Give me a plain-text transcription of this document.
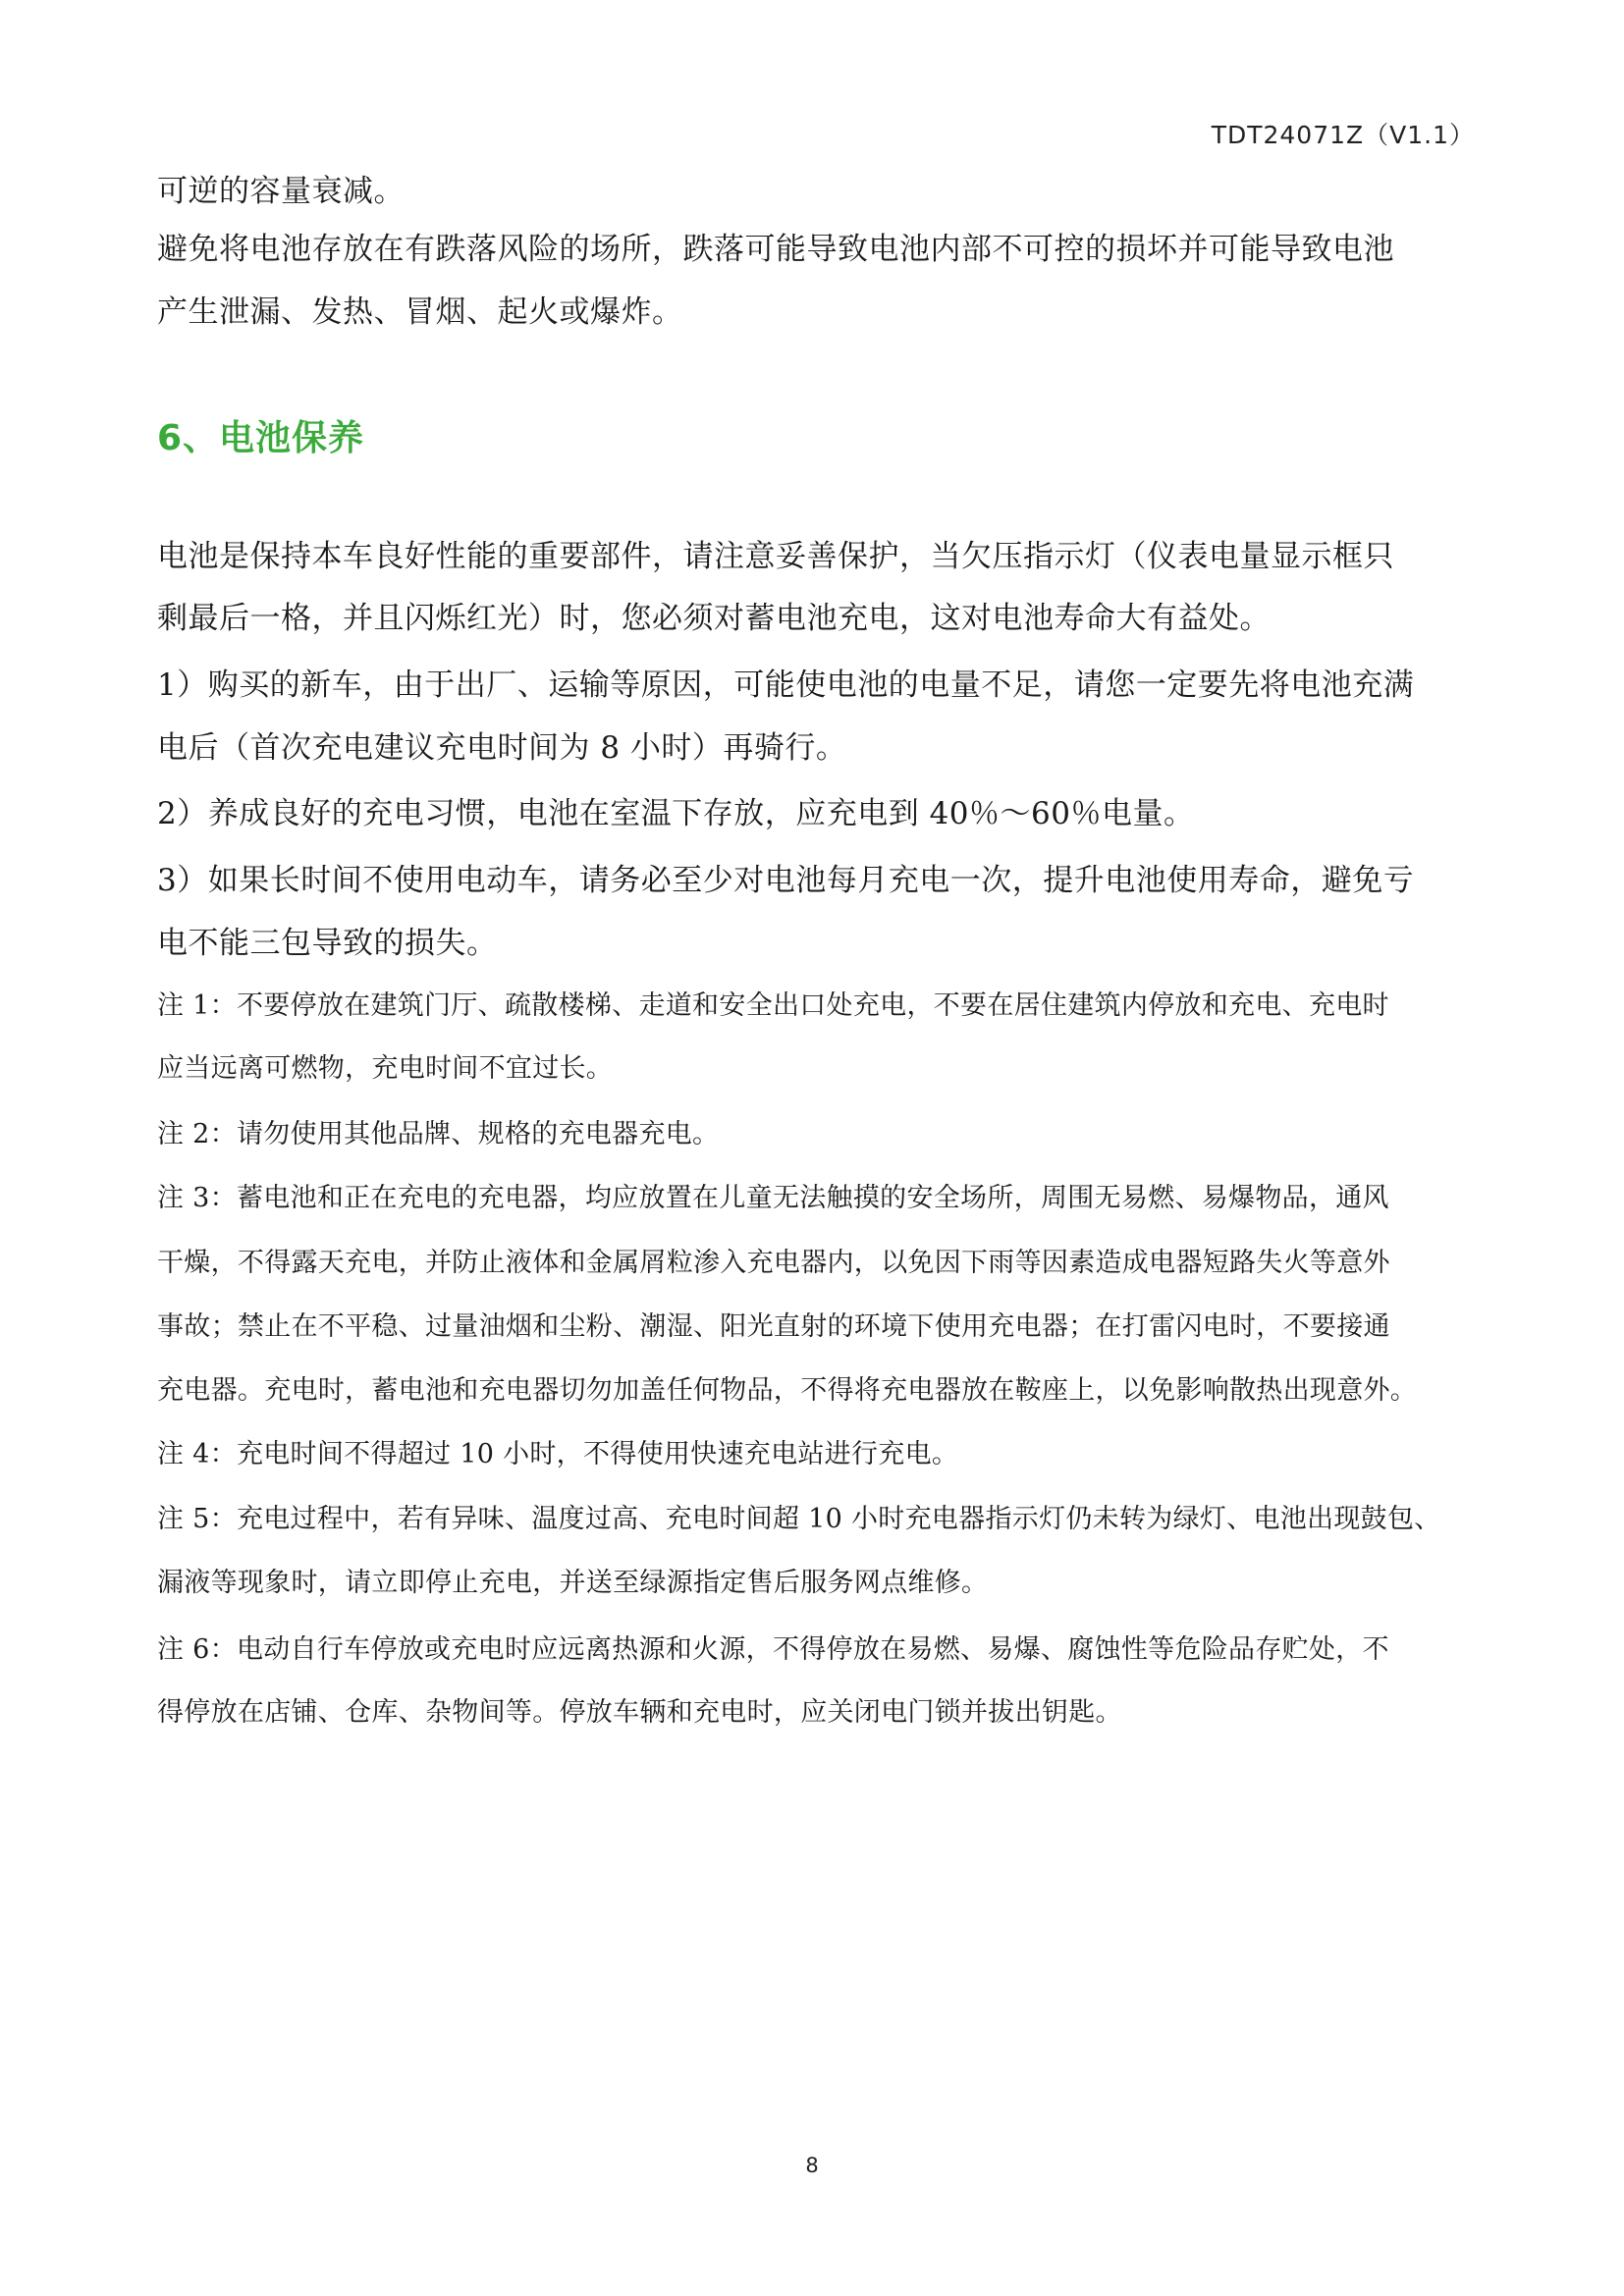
TDT24071Z（V1.1）

可逆的容量衰减。

避免将电池存放在有跌落风险的场所，跌落可能导致电池内部不可控的损坏并可能导致电池

产生泄漏、发热、冒烟、起火或爆炸。

6、电池保养

电池是保持本车良好性能的重要部件，请注意妥善保护，当欠压指示灯（仪表电量显示框只

剩最后一格，并且闪烁红光）时，您必须对蓄电池充电，这对电池寿命大有益处。

1）购买的新车，由于出厂、运输等原因，可能使电池的电量不足，请您一定要先将电池充满

电后（首次充电建议充电时间为 8 小时）再骑行。

2）养成良好的充电习惯，电池在室温下存放，应充电到 40％～60％电量。

3）如果长时间不使用电动车，请务必至少对电池每月充电一次，提升电池使用寿命，避免亏

电不能三包导致的损失。

注 1：不要停放在建筑门厅、疏散楼梯、走道和安全出口处充电，不要在居住建筑内停放和充电、充电时

应当远离可燃物，充电时间不宜过长。

注 2：请勿使用其他品牌、规格的充电器充电。

注 3：蓄电池和正在充电的充电器，均应放置在儿童无法触摸的安全场所，周围无易燃、易爆物品，通风

干燥，不得露天充电，并防止液体和金属屑粒渗入充电器内，以免因下雨等因素造成电器短路失火等意外

事故；禁止在不平稳、过量油烟和尘粉、潮湿、阳光直射的环境下使用充电器；在打雷闪电时，不要接通

充电器。充电时，蓄电池和充电器切勿加盖任何物品，不得将充电器放在鞍座上，以免影响散热出现意外。

注 4：充电时间不得超过 10 小时，不得使用快速充电站进行充电。

注 5：充电过程中，若有异味、温度过高、充电时间超 10 小时充电器指示灯仍未转为绿灯、电池出现鼓包、

漏液等现象时，请立即停止充电，并送至绿源指定售后服务网点维修。

注 6：电动自行车停放或充电时应远离热源和火源，不得停放在易燃、易爆、腐蚀性等危险品存贮处，不

得停放在店铺、仓库、杂物间等。停放车辆和充电时，应关闭电门锁并拔出钥匙。

8
